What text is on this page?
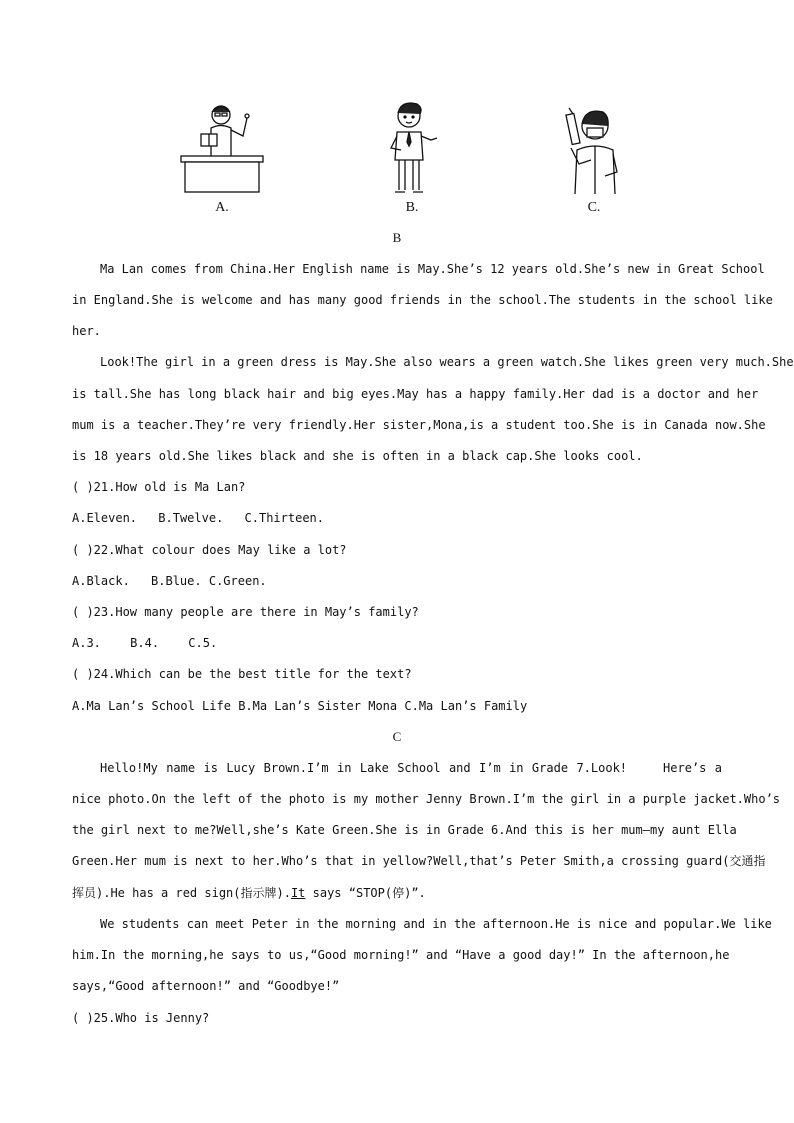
A.	B.	C.
B
Ma Lan comes from China.Her English name is May.She’s 12 years old.She’s new in Great School
in England.She is welcome and has many good friends in the school.The students in the school like
her.
Look!The girl in a green dress is May.She also wears a green watch.She likes green very much.She
is tall.She has long black hair and big eyes.May has a happy family.Her dad is a doctor and her
mum is a teacher.They’re very friendly.Her sister,Mona,is a student too.She is in Canada now.She
is 18 years old.She likes black and she is often in a black cap.She looks cool.
( )21.How old is Ma Lan?
A.Eleven. B.Twelve. C.Thirteen.
( )22.What colour does May like a lot?
A.Black. B.Blue. C.Green.
( )23.How many people are there in May’s family?
A.3. B.4. C.5.
( )24.Which can be the best title for the text?
A.Ma Lan’s School Life B.Ma Lan’s Sister Mona C.Ma Lan’s Family
C
Hello!My name is Lucy Brown.I’m in Lake School and I’m in Grade 7.Look!	Here’s a
nice photo.On the left of the photo is my mother Jenny Brown.I’m the girl in a purple jacket.Who’s
the girl next to me?Well,she’s Kate Green.She is in Grade 6.And this is her mum—my aunt Ella
Green.Her mum is next to her.Who’s that in yellow?Well,that’s Peter Smith,a crossing guard(交通指
挥员).He has a red sign(指示牌).It says “STOP(停)”.
We students can meet Peter in the morning and in the afternoon.He is nice and popular.We like
him.In the morning,he says to us,“Good morning!” and “Have a good day!” In the afternoon,he
says,“Good afternoon!” and “Goodbye!”
( )25.Who is Jenny?
